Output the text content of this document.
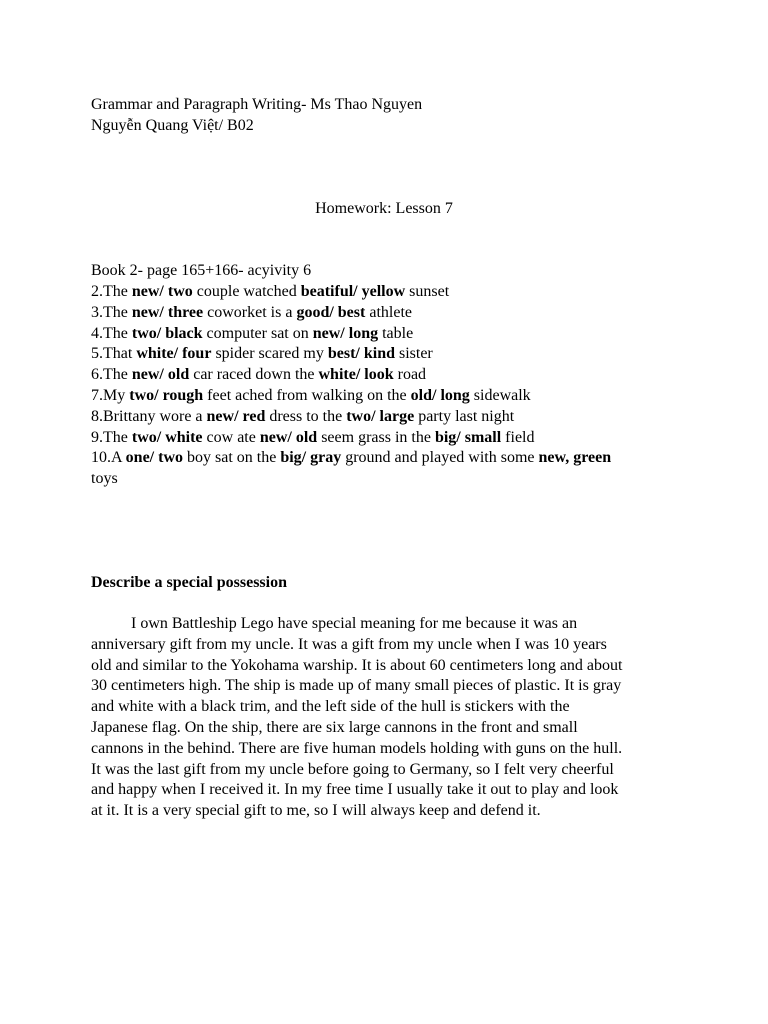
Grammar and Paragraph Writing- Ms Thao Nguyen
Nguyễn Quang Việt/ B02
Homework: Lesson 7
Book 2- page 165+166- acyivity 6
2.The new/ two couple watched beatiful/ yellow sunset
3.The new/ three coworket is a good/ best athlete
4.The two/ black computer sat on new/ long table
5.That white/ four spider scared my best/ kind sister
6.The new/ old car raced down the white/ look road
7.My two/ rough feet ached from walking on the old/ long sidewalk
8.Brittany wore a new/ red dress to the two/ large party last night
9.The two/ white cow ate new/ old seem grass in the big/ small field
10.A one/ two boy sat on the big/ gray ground and played with some new, green
toys
Describe a special possession
I own Battleship Lego have special meaning for me because it was an
anniversary gift from my uncle. It was a gift from my uncle when I was 10 years
old and similar to the Yokohama warship. It is about 60 centimeters long and about
30 centimeters high. The ship is made up of many small pieces of plastic. It is gray
and white with a black trim, and the left side of the hull is stickers with the
Japanese flag. On the ship, there are six large cannons in the front and small
cannons in the behind. There are five human models holding with guns on the hull.
It was the last gift from my uncle before going to Germany, so I felt very cheerful
and happy when I received it. In my free time I usually take it out to play and look
at it. It is a very special gift to me, so I will always keep and defend it.
